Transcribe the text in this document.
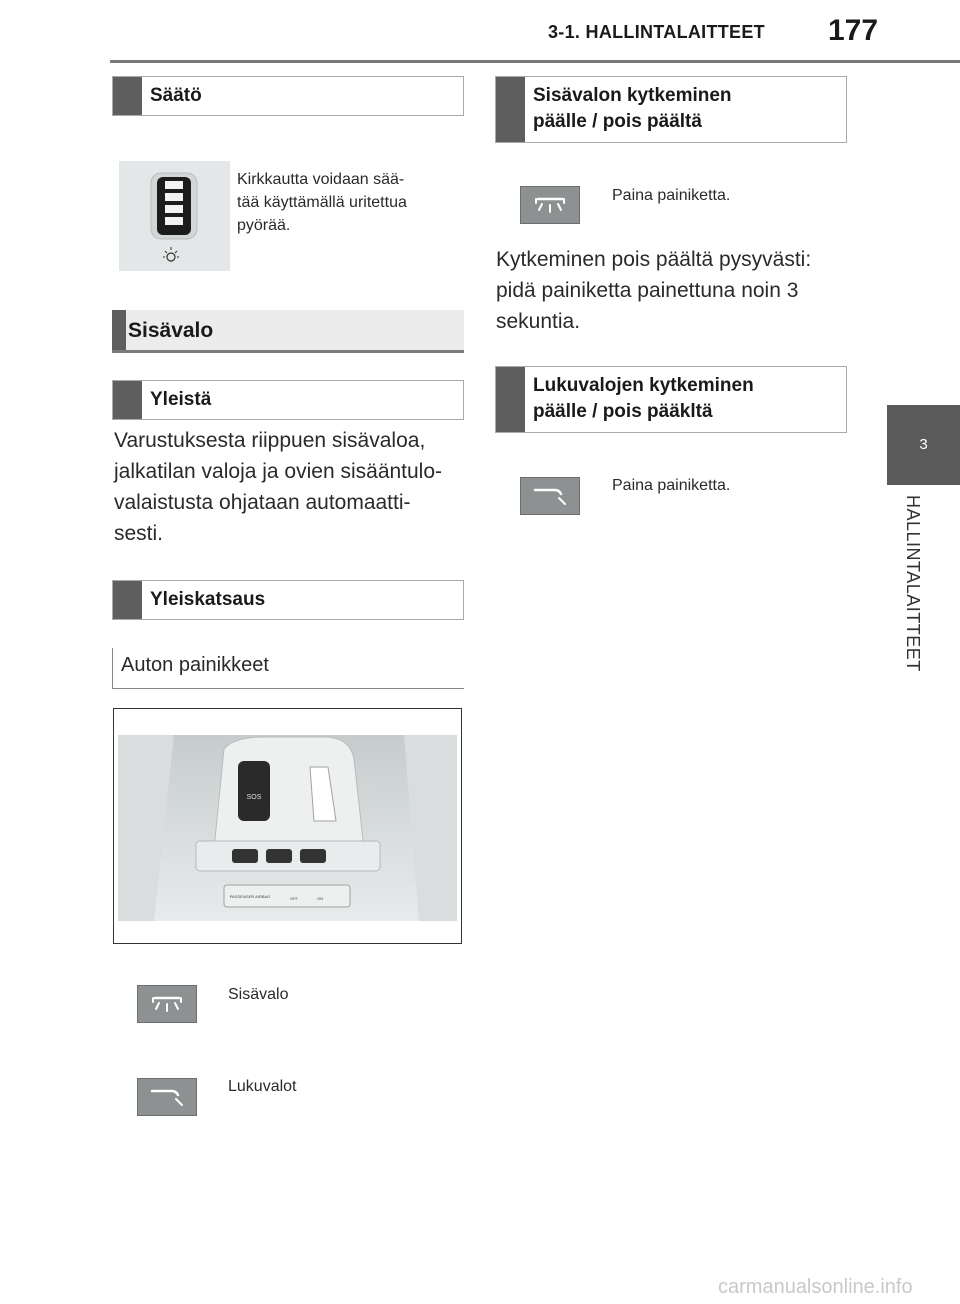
3-1. HALLINTALAITTEET 177
3
HALLINTALAITTEET
Säätö
Kirkkautta voidaan sää-
tää käyttämällä uritettua
pyörää.
Sisävalo
Yleistä
Varustuksesta riippuen sisävaloa,
jalkatilan valoja ja ovien sisääntulo-
valaistusta ohjataan automaatti-
sesti.
Yleiskatsaus
Auton painikkeet
SOS
PASSENGER AIRBAG	OFF	ON
Sisävalo
Lukuvalot
Sisävalon kytkeminen
päälle / pois päältä
Paina painiketta.
Kytkeminen pois päältä pysyvästi:
pidä painiketta painettuna noin 3
sekuntia.
Lukuvalojen kytkeminen
päälle / pois pääkltä
Paina painiketta.
carmanualsonline.info
